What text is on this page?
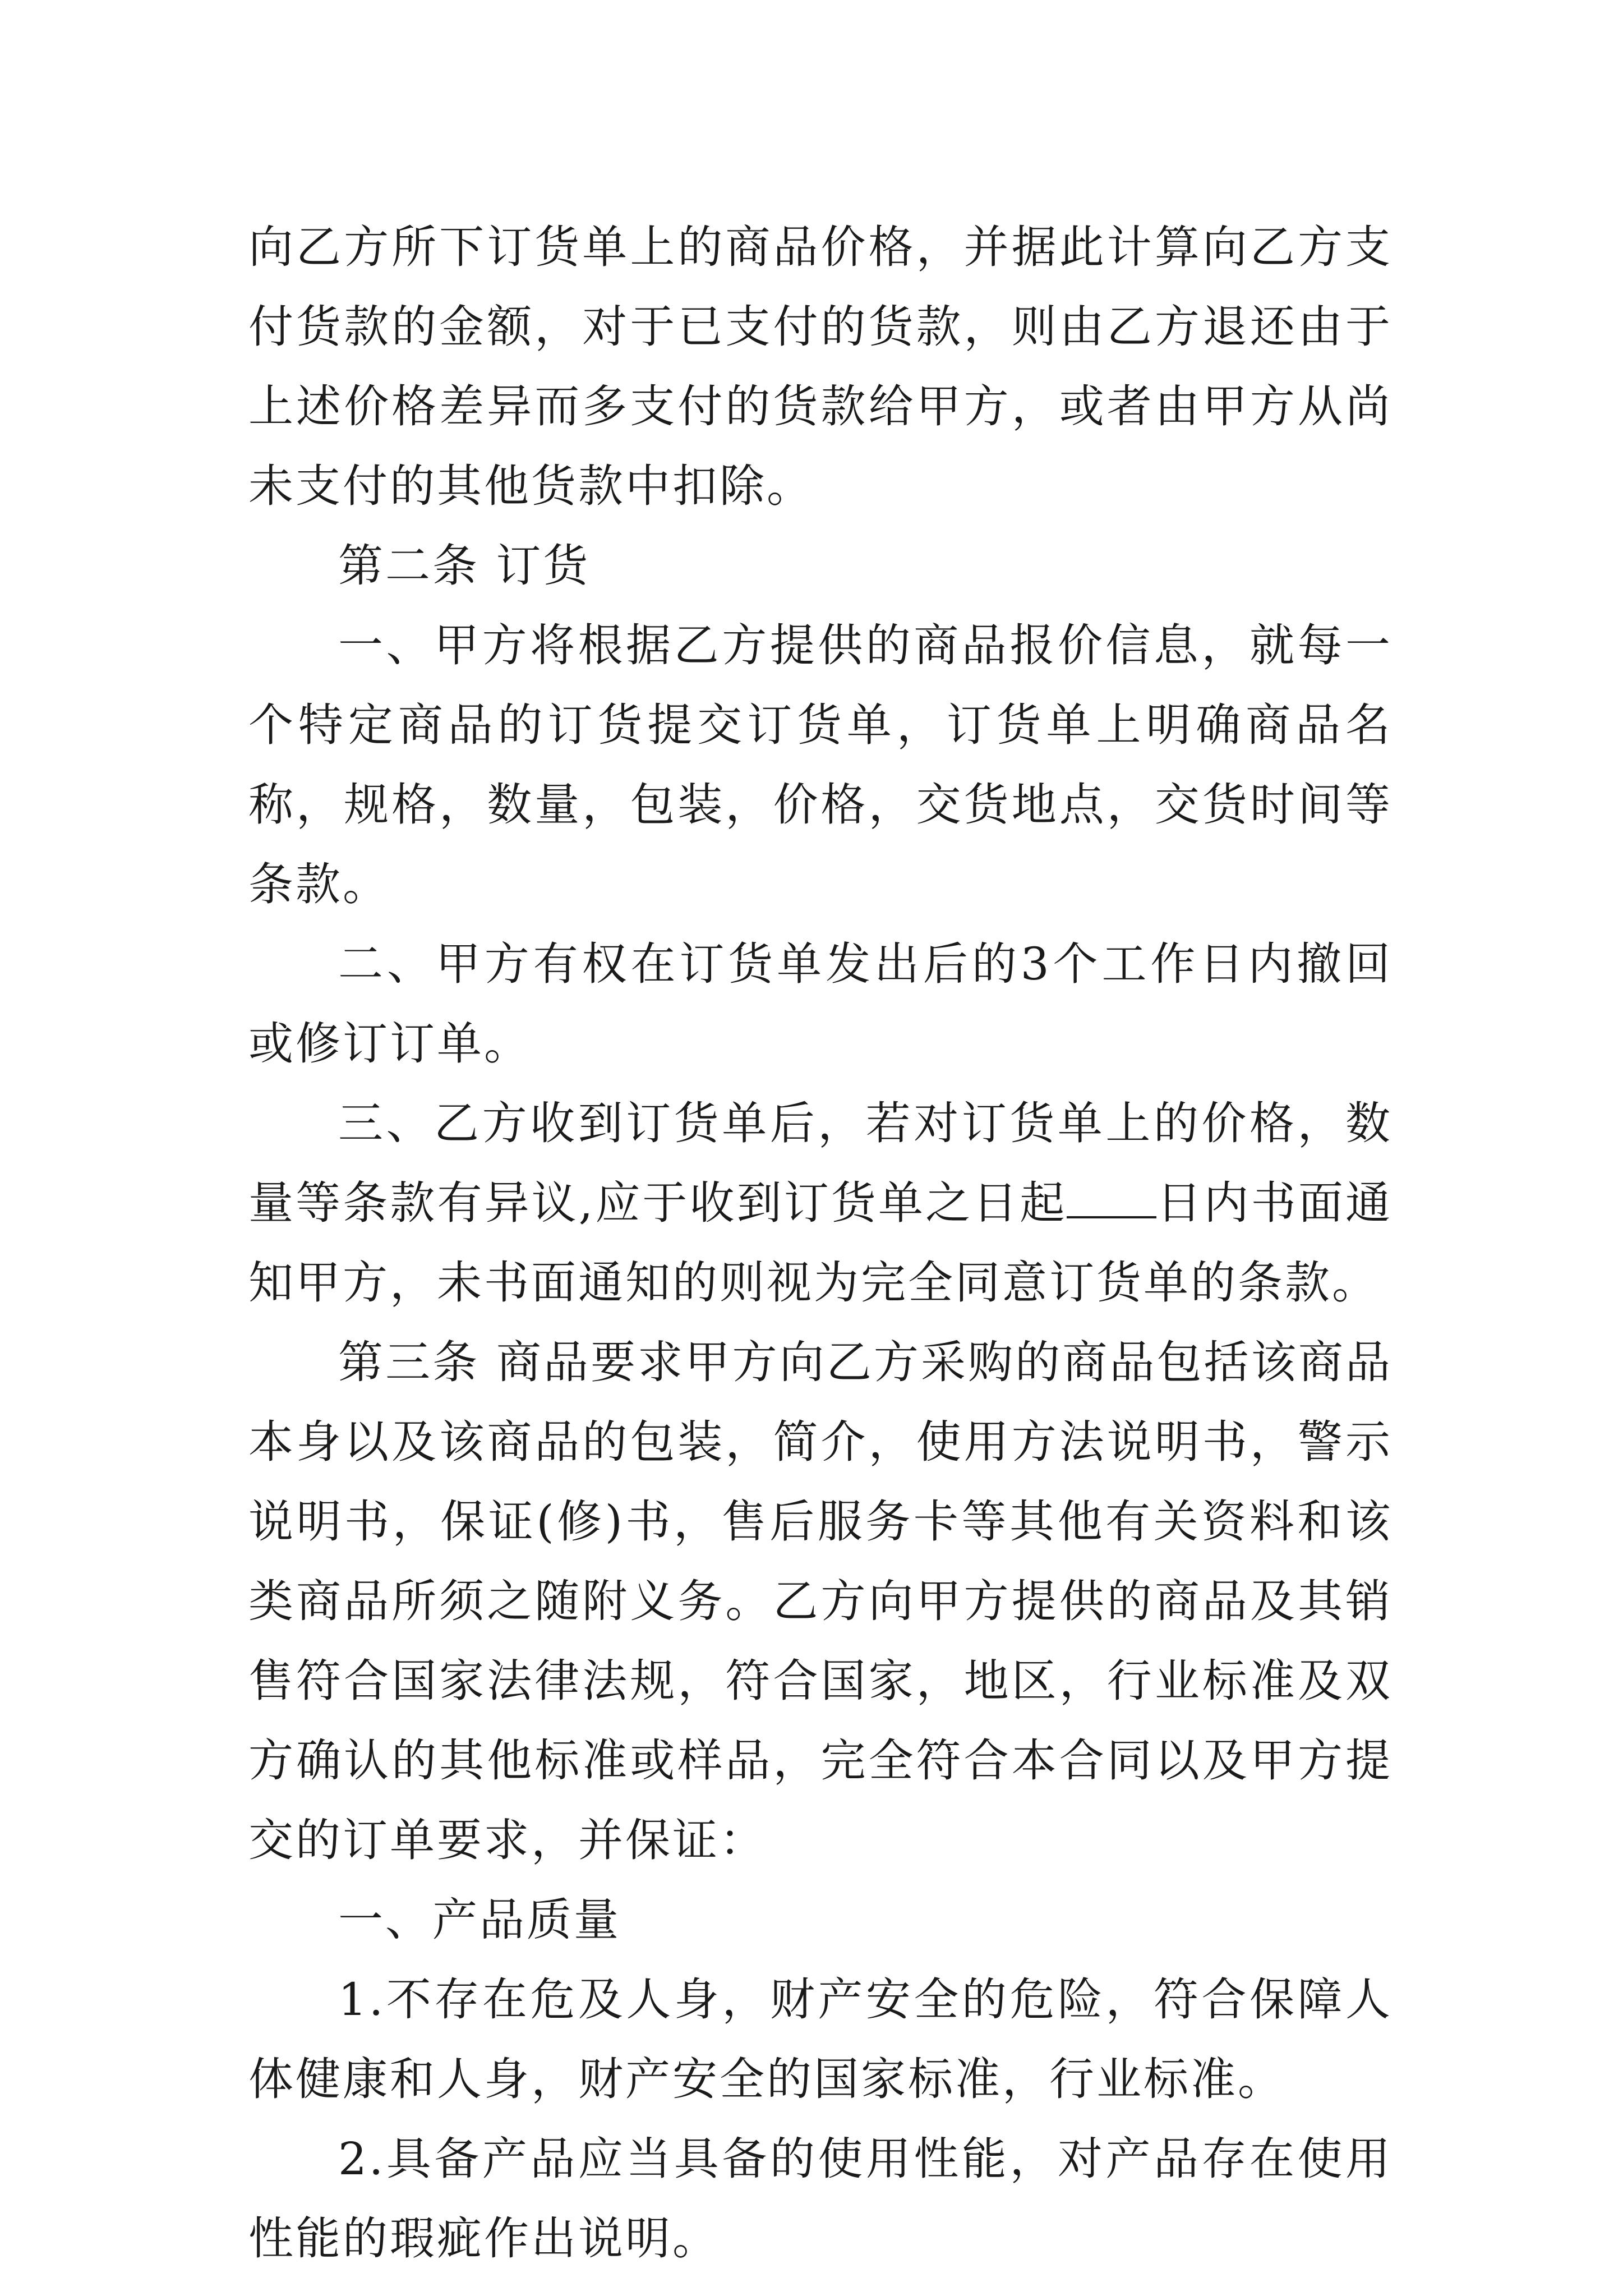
向乙方所下订货单上的商品价格，并据此计算向乙方支付货款的金额，对于已支付的货款，则由乙方退还由于上述价格差异而多支付的货款给甲方，或者由甲方从尚未支付的其他货款中扣除。

第二条 订货

一、甲方将根据乙方提供的商品报价信息，就每一个特定商品的订货提交订货单，订货单上明确商品名称，规格，数量，包装，价格，交货地点，交货时间等条款。

二、甲方有权在订货单发出后的3个工作日内撤回或修订订单。

三、乙方收到订货单后，若对订货单上的价格，数量等条款有异议,应于收到订货单之日起 日内书面通知甲方，未书面通知的则视为完全同意订货单的条款。

第三条 商品要求甲方向乙方采购的商品包括该商品本身以及该商品的包装，简介，使用方法说明书，警示说明书，保证(修)书，售后服务卡等其他有关资料和该类商品所须之随附义务。乙方向甲方提供的商品及其销售符合国家法律法规，符合国家，地区，行业标准及双方确认的其他标准或样品，完全符合本合同以及甲方提交的订单要求，并保证：

一、产品质量

1.不存在危及人身，财产安全的危险，符合保障人体健康和人身，财产安全的国家标准，行业标准。

2.具备产品应当具备的使用性能，对产品存在使用性能的瑕疵作出说明。
